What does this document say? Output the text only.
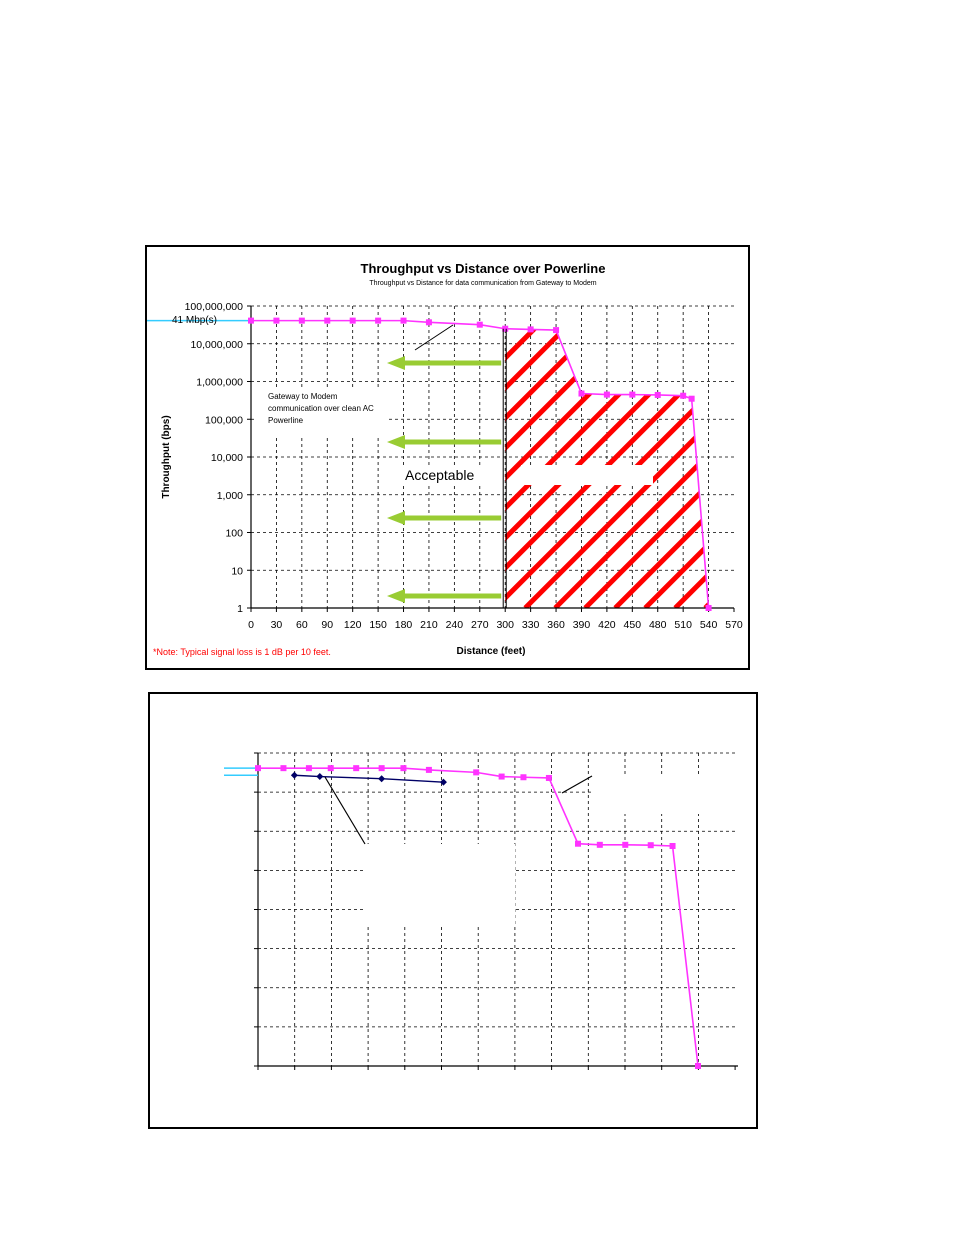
0 30 60 90 120 150 180 210 240 270 300 330 360 390 420 450 480 510 540 570
100,000,000
10,000,000
1,000,000
100,000
10,000
1,000
100
10
1
Throughput vs Distance over Powerline
Throughput vs Distance for data communication from Gateway to Modem
Distance (feet)
Throughput (bps)
41 Mbp(s)
Acceptable
*Note: Typical signal loss is 1 dB per 10 feet.
Gateway to Modem communication over clean AC Powerline
